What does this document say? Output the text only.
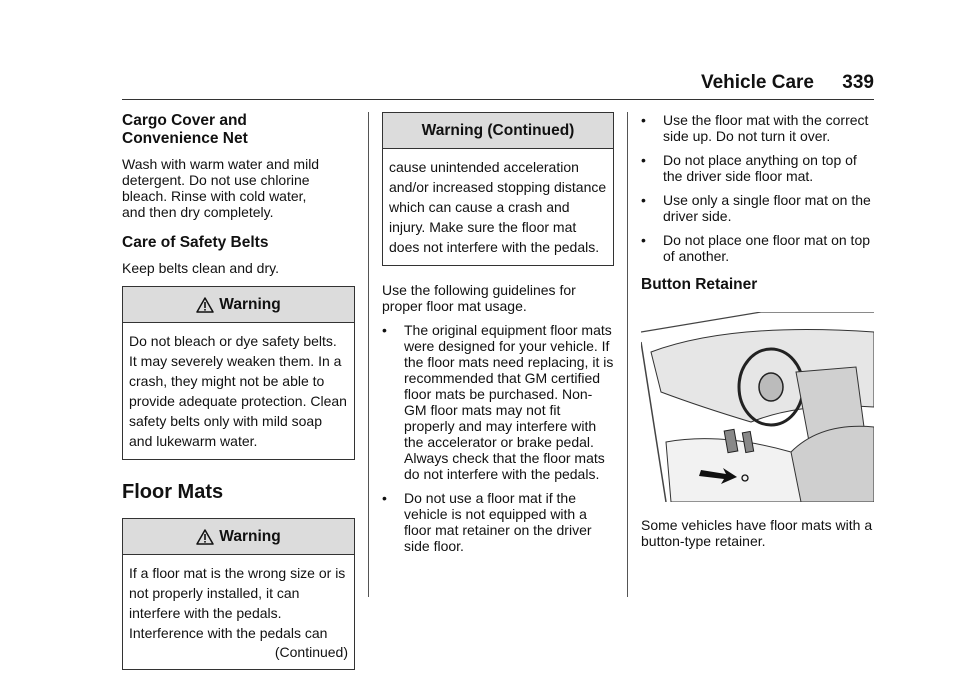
Vehicle Care 339
Cargo Cover and Convenience Net

Wash with warm water and mild detergent. Do not use chlorine bleach. Rinse with cold water, and then dry completely.

Care of Safety Belts

Keep belts clean and dry.

Warning
Do not bleach or dye safety belts. It may severely weaken them. In a crash, they might not be able to provide adequate protection. Clean safety belts only with mild soap and lukewarm water.
Floor Mats
Warning
If a floor mat is the wrong size or is not properly installed, it can interfere with the pedals. Interference with the pedals can
(Continued)
Warning (Continued)
cause unintended acceleration and/or increased stopping distance which can cause a crash and injury. Make sure the floor mat does not interfere with the pedals.

Use the following guidelines for proper floor mat usage.

• The original equipment floor mats were designed for your vehicle. If the floor mats need replacing, it is recommended that GM certified floor mats be purchased. Non-GM floor mats may not fit properly and may interfere with the accelerator or brake pedal. Always check that the floor mats do not interfere with the pedals.
• Do not use a floor mat if the vehicle is not equipped with a floor mat retainer on the driver side floor.
• Use the floor mat with the correct side up. Do not turn it over.
• Do not place anything on top of the driver side floor mat.
• Use only a single floor mat on the driver side.
• Do not place one floor mat on top of another.
Button Retainer

Some vehicles have floor mats with a button-type retainer.
